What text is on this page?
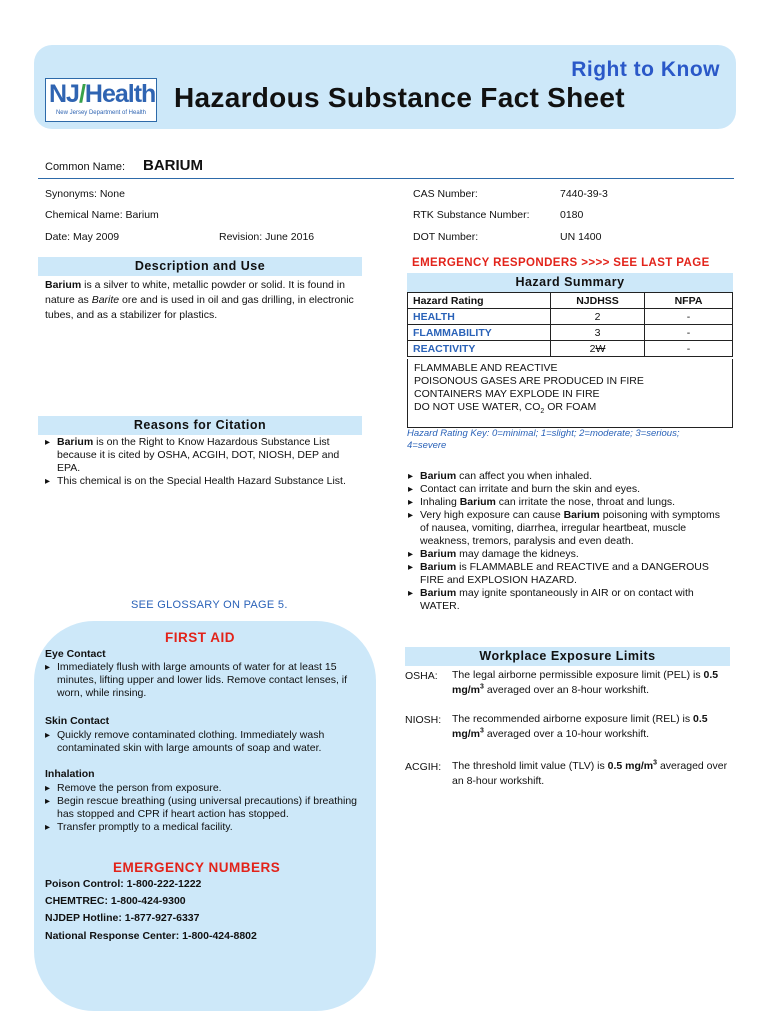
NJ/Health
New Jersey Department of Health
Right to Know
Hazardous Substance Fact Sheet
Common Name: BARIUM
Synonyms: None
Chemical Name: Barium
Date: May 2009	Revision: June 2016
CAS Number:	7440-39-3
RTK Substance Number:	0180
DOT Number:	UN 1400
Description and Use
Barium is a silver to white, metallic powder or solid. It is found in nature as Barite ore and is used in oil and gas drilling, in electronic tubes, and as a stabilizer for plastics.
Reasons for Citation
▸ Barium is on the Right to Know Hazardous Substance List because it is cited by OSHA, ACGIH, DOT, NIOSH, DEP and EPA.
▸ This chemical is on the Special Health Hazard Substance List.
SEE GLOSSARY ON PAGE 5.
FIRST AID
Eye Contact
▸ Immediately flush with large amounts of water for at least 15 minutes, lifting upper and lower lids. Remove contact lenses, if worn, while rinsing.
Skin Contact
▸ Quickly remove contaminated clothing. Immediately wash contaminated skin with large amounts of soap and water.
Inhalation
▸ Remove the person from exposure.
▸ Begin rescue breathing (using universal precautions) if breathing has stopped and CPR if heart action has stopped.
▸ Transfer promptly to a medical facility.
EMERGENCY NUMBERS
Poison Control: 1-800-222-1222
CHEMTREC: 1-800-424-9300
NJDEP Hotline: 1-877-927-6337
National Response Center: 1-800-424-8802
EMERGENCY RESPONDERS >>>> SEE LAST PAGE
Hazard Summary
Hazard Rating	NJDHSS	NFPA
HEALTH	2	-
FLAMMABILITY	3	-
REACTIVITY	2W	-
FLAMMABLE AND REACTIVE
POISONOUS GASES ARE PRODUCED IN FIRE
CONTAINERS MAY EXPLODE IN FIRE
DO NOT USE WATER, $CO_2$ OR FOAM
Hazard Rating Key: 0=minimal; 1=slight; 2=moderate; 3=serious; 4=severe
▸ Barium can affect you when inhaled.
▸ Contact can irritate and burn the skin and eyes.
▸ Inhaling Barium can irritate the nose, throat and lungs.
▸ Very high exposure can cause Barium poisoning with symptoms of nausea, vomiting, diarrhea, irregular heartbeat, muscle weakness, tremors, paralysis and even death.
▸ Barium may damage the kidneys.
▸ Barium is FLAMMABLE and REACTIVE and a DANGEROUS FIRE and EXPLOSION HAZARD.
▸ Barium may ignite spontaneously in AIR or on contact with WATER.
Workplace Exposure Limits
OSHA: The legal airborne permissible exposure limit (PEL) is 0.5 $mg/m^3$ averaged over an 8-hour workshift.
NIOSH: The recommended airborne exposure limit (REL) is 0.5 $mg/m^3$ averaged over a 10-hour workshift.
ACGIH: The threshold limit value (TLV) is 0.5 $mg/m^3$ averaged over an 8-hour workshift.
